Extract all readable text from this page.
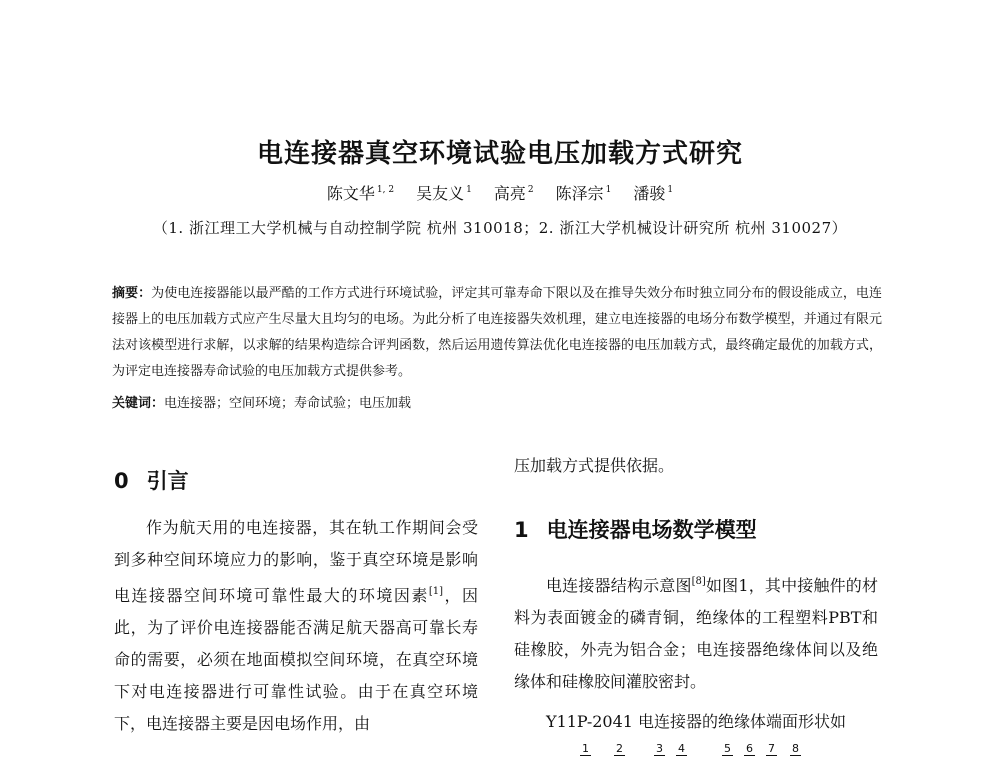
电连接器真空环境试验电压加载方式研究
陈文华 $^{1, 2}$ 吴友义 $^1$ 高亮 $^2$ 陈泽宗 $^1$ 潘骏 $^1$
（1. 浙江理工大学机械与自动控制学院 杭州 310018；2. 浙江大学机械设计研究所 杭州 310027）
摘要：为使电连接器能以最严酷的工作方式进行环境试验，评定其可靠寿命下限以及在推导失效分布时独立同分布的假设能成立，电连接器上的电压加载方式应产生尽量大且均匀的电场。为此分析了电连接器失效机理，建立电连接器的电场分布数学模型，并通过有限元法对该模型进行求解，以求解的结果构造综合评判函数，然后运用遗传算法优化电连接器的电压加载方式，最终确定最优的加载方式，为评定电连接器寿命试验的电压加载方式提供参考。
关键词：电连接器；空间环境；寿命试验；电压加载
0 引言
作为航天用的电连接器，其在轨工作期间会受到多种空间环境应力的影响，鉴于真空环境是影响电连接器空间环境可靠性最大的环境因素[1]，因此，为了评价电连接器能否满足航天器高可靠长寿命的需要，必须在地面模拟空间环境，在真空环境下对电连接器进行可靠性试验。由于在真空环境下，电连接器主要是因电场作用，由
压加载方式提供依据。
1 电连接器电场数学模型
电连接器结构示意图[8]如图1，其中接触件的材料为表面镀金的磷青铜，绝缘体的工程塑料PBT和硅橡胶，外壳为铝合金；电连接器绝缘体间以及绝缘体和硅橡胶间灌胶密封。
Y11P-2041 电连接器的绝缘体端面形状如
1 2	3 4	5 6 7 8
